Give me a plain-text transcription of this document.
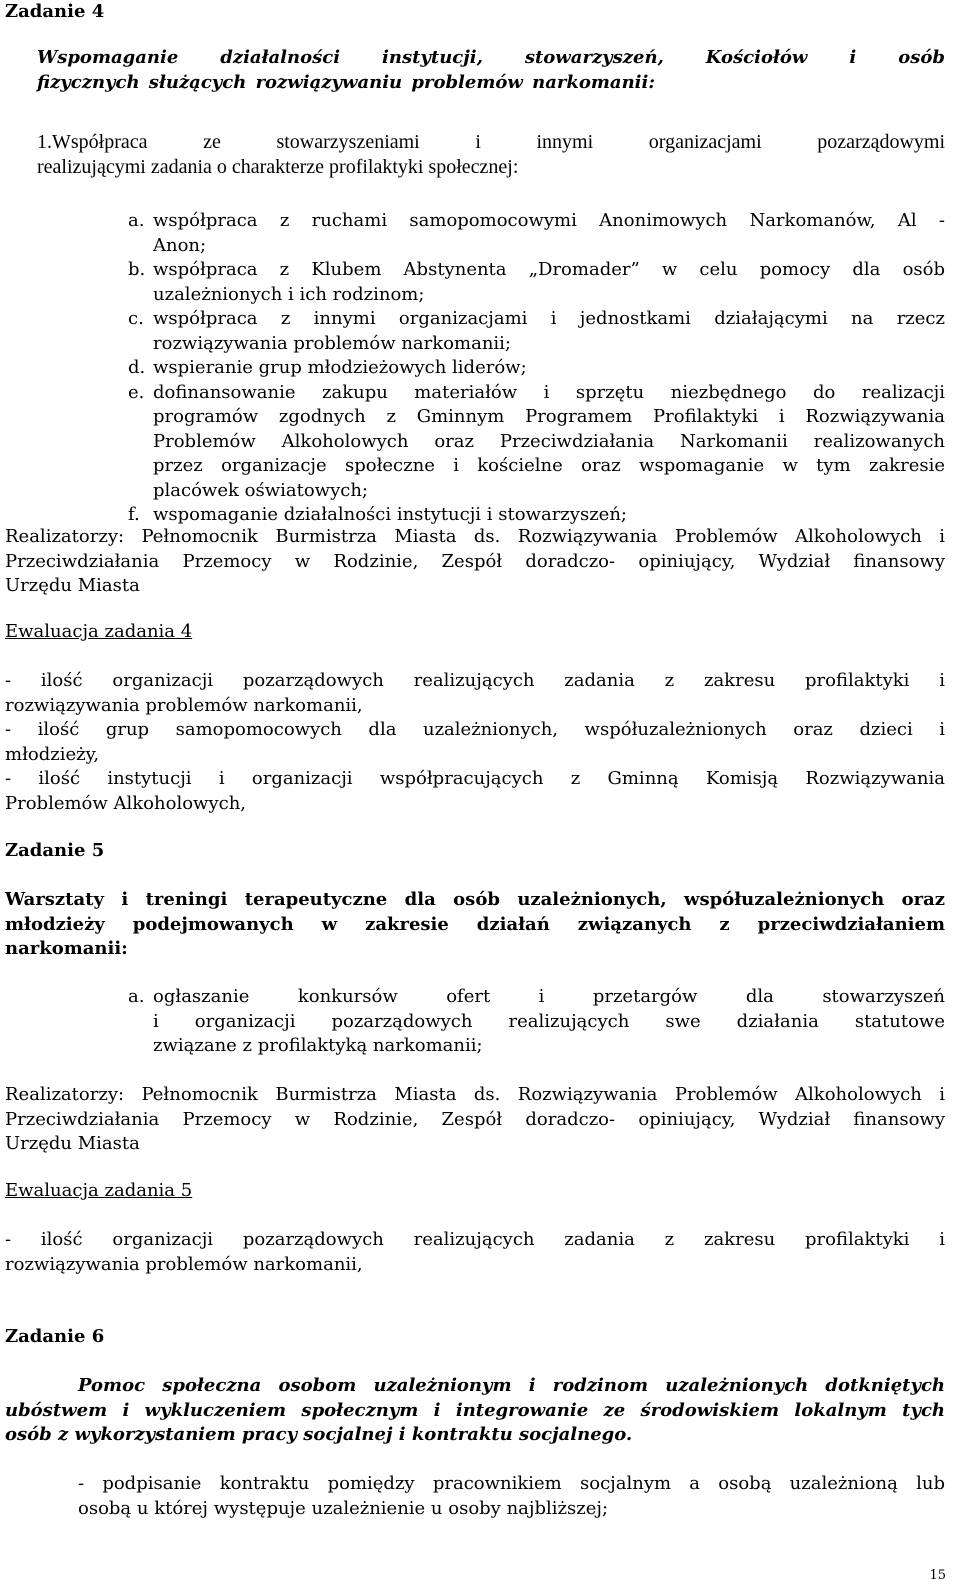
Zadanie 4

Wspomaganie działalności instytucji, stowarzyszeń, Kościołów i osób

fizycznych służących rozwiązywaniu problemów narkomanii:

1.Współpraca ze stowarzyszeniami i innymi organizacjami pozarządowymi

realizującymi zadania o charakterze profilaktyki społecznej:

a. współpraca z ruchami samopomocowymi Anonimowych Narkomanów, Al -

Anon;

b. współpraca z Klubem Abstynenta „Dromader” w celu pomocy dla osób

uzależnionych i ich rodzinom;

c. współpraca z innymi organizacjami i jednostkami działającymi na rzecz

rozwiązywania problemów narkomanii;

d. wspieranie grup młodzieżowych liderów;

e. dofinansowanie zakupu materiałów i sprzętu niezbędnego do realizacji

programów zgodnych z Gminnym Programem Profilaktyki i Rozwiązywania

Problemów Alkoholowych oraz Przeciwdziałania Narkomanii realizowanych

przez organizacje społeczne i kościelne oraz wspomaganie w tym zakresie

placówek oświatowych;

f. wspomaganie działalności instytucji i stowarzyszeń;

Realizatorzy: Pełnomocnik Burmistrza Miasta ds. Rozwiązywania Problemów Alkoholowych i

Przeciwdziałania Przemocy w Rodzinie, Zespół doradczo- opiniujący, Wydział finansowy

Urzędu Miasta

Ewaluacja zadania 4

- ilość organizacji pozarządowych realizujących zadania z zakresu profilaktyki i

rozwiązywania problemów narkomanii,

- ilość grup samopomocowych dla uzależnionych, współuzależnionych oraz dzieci i

młodzieży,

- ilość instytucji i organizacji współpracujących z Gminną Komisją Rozwiązywania

Problemów Alkoholowych,

Zadanie 5

Warsztaty i treningi terapeutyczne dla osób uzależnionych, współuzależnionych oraz

młodzieży podejmowanych w zakresie działań związanych z przeciwdziałaniem

narkomanii:

a. ogłaszanie konkursów ofert i przetargów dla stowarzyszeń

i organizacji pozarządowych realizujących swe działania statutowe

związane z profilaktyką narkomanii;

Realizatorzy: Pełnomocnik Burmistrza Miasta ds. Rozwiązywania Problemów Alkoholowych i

Przeciwdziałania Przemocy w Rodzinie, Zespół doradczo- opiniujący, Wydział finansowy

Urzędu Miasta

Ewaluacja zadania 5

- ilość organizacji pozarządowych realizujących zadania z zakresu profilaktyki i

rozwiązywania problemów narkomanii,

Zadanie 6

Pomoc społeczna osobom uzależnionym i rodzinom uzależnionych dotkniętych

ubóstwem i wykluczeniem społecznym i integrowanie ze środowiskiem lokalnym tych

osób z wykorzystaniem pracy socjalnej i kontraktu socjalnego.

- podpisanie kontraktu pomiędzy pracownikiem socjalnym a osobą uzależnioną lub

osobą u której występuje uzależnienie u osoby najbliższej;

15
